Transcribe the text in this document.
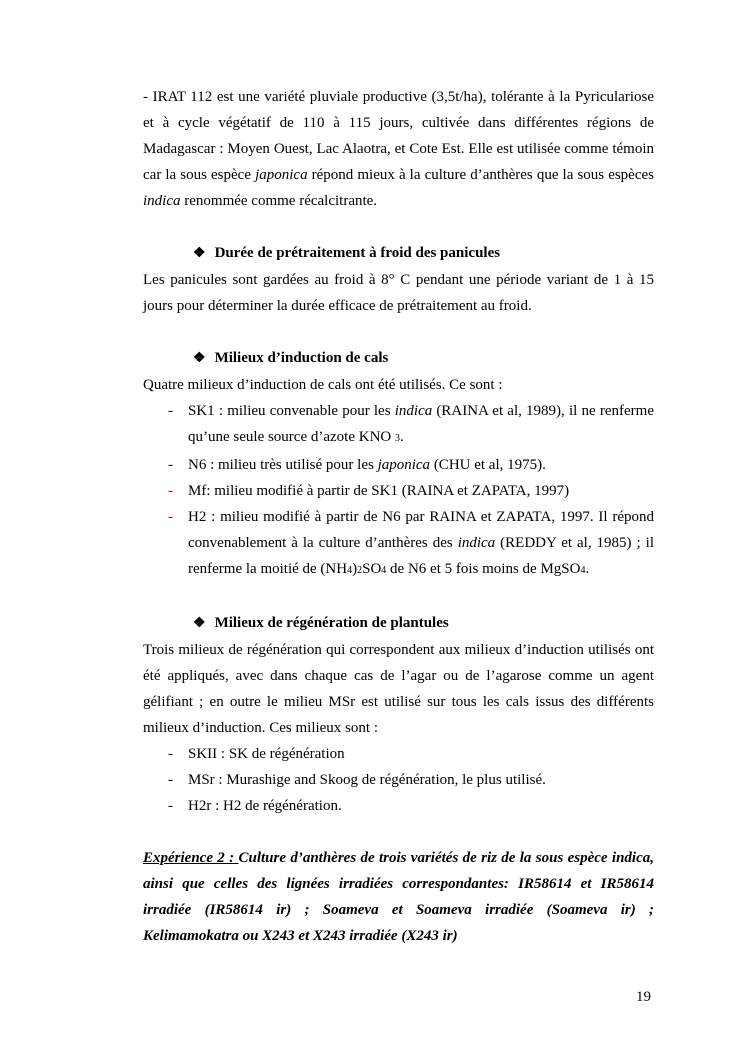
- IRAT 112 est une variété pluviale productive (3,5t/ha), tolérante à la Pyriculariose et à cycle végétatif de 110 à 115 jours, cultivée dans différentes régions de Madagascar : Moyen Ouest, Lac Alaotra, et Cote Est. Elle est utilisée comme témoin car la sous espèce japonica répond mieux à la culture d’anthères que la sous espèces indica renommée comme récalcitrante.
❖ Durée de prétraitement à froid des panicules
Les panicules sont gardées au froid à 8° C pendant une période variant de 1 à 15 jours pour déterminer la durée efficace de prétraitement au froid.
❖ Milieux d’induction de cals
Quatre milieux d’induction de cals ont été utilisés. Ce sont :
- SK1 : milieu convenable pour les indica (RAINA et al, 1989), il ne renferme qu’une seule source d’azote KNO 3.
- N6 : milieu très utilisé pour les japonica (CHU et al, 1975).
- Mf: milieu modifié à partir de SK1 (RAINA et ZAPATA, 1997)
- H2 : milieu modifié à partir de N6 par RAINA et ZAPATA, 1997. Il répond convenablement à la culture d’anthères des indica (REDDY et al, 1985) ; il renferme la moitié de (NH4)2SO4 de N6 et 5 fois moins de MgSO4.
❖ Milieux de régénération de plantules
Trois milieux de régénération qui correspondent aux milieux d’induction utilisés ont été appliqués, avec dans chaque cas de l’agar ou de l’agarose comme un agent gélifiant ; en outre le milieu MSr est utilisé sur tous les cals issus des différents milieux d’induction. Ces milieux sont :
- SKII : SK de régénération
- MSr : Murashige and Skoog de régénération, le plus utilisé.
- H2r : H2 de régénération.
Expérience 2 : Culture d’anthères de trois variétés de riz de la sous espèce indica, ainsi que celles des lignées irradiées correspondantes: IR58614 et IR58614 irradiée (IR58614 ir) ; Soameva et Soameva irradiée (Soameva ir) ; Kelimamokatra ou X243 et X243 irradiée (X243 ir)
19
